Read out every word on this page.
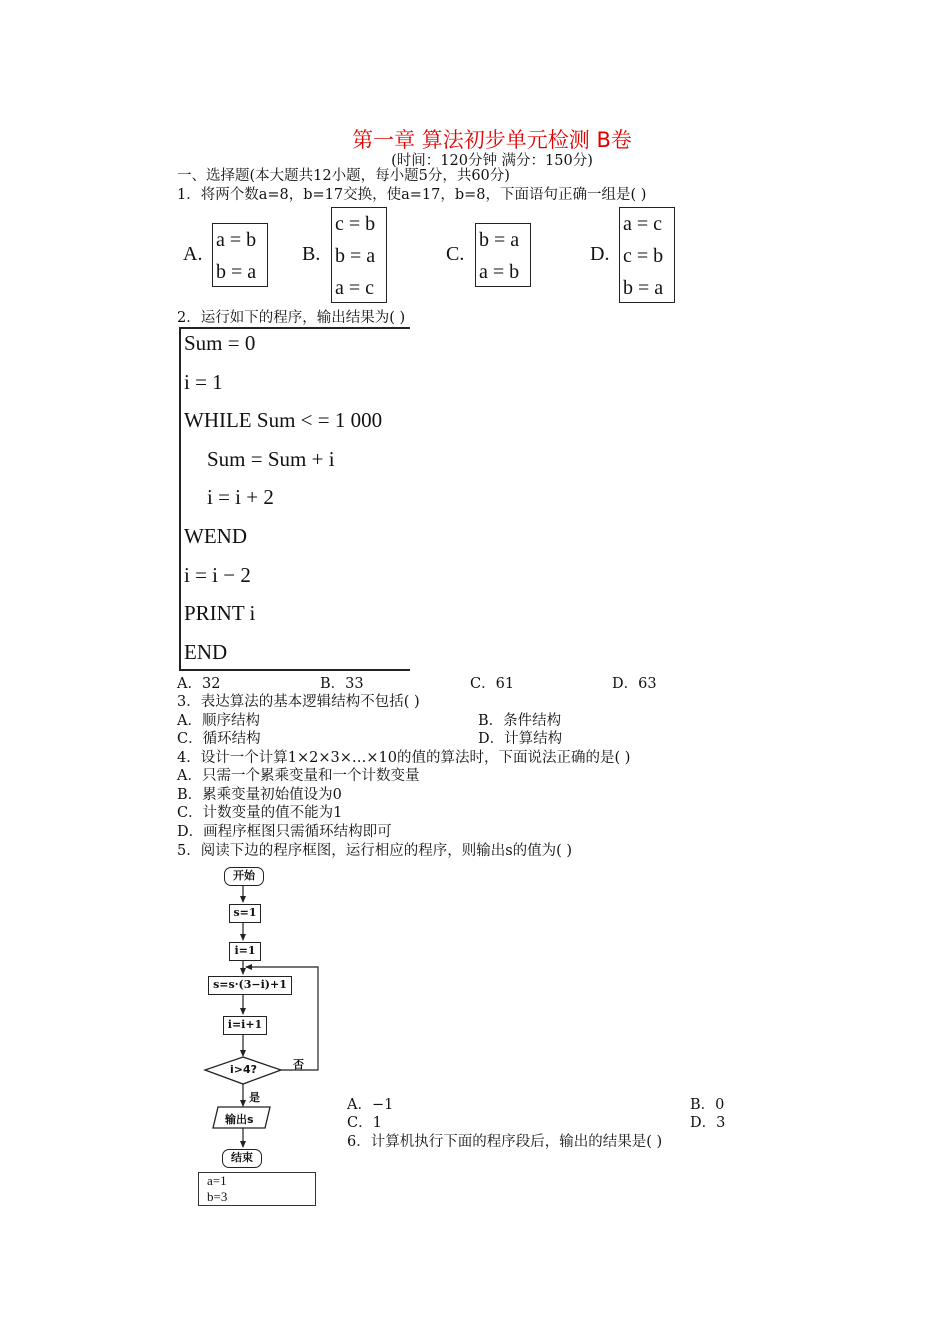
第一章 算法初步单元检测 B卷
(时间：120分钟 满分：150分)
一、选择题(本大题共12小题，每小题5分，共60分)
1．将两个数a=8，b=17交换，使a=17，b=8，下面语句正确一组是( )
A.
a = b
b = a
B.
c = b
b = a
a = c
C.
b = a
a = b
D.
a = c
c = b
b = a
2．运行如下的程序，输出结果为( )
Sum = 0
i = 1
WHILE Sum < = 1 000
Sum = Sum + i
i = i + 2
WEND
i = i − 2
PRINT i
END
A．32	B．33	C．61	D．63
3．表达算法的基本逻辑结构不包括( )
A．顺序结构	B．条件结构
C．循环结构	D．计算结构
4．设计一个计算1×2×3×…×10的值的算法时，下面说法正确的是( )
A．只需一个累乘变量和一个计数变量
B．累乘变量初始值设为0
C．计数变量的值不能为1
D．画程序框图只需循环结构即可
5．阅读下边的程序框图，运行相应的程序，则输出s的值为( )
开始
s=1
i=1
s=s·(3−i)+1
i=i+1
i>4?	否
是
输出s
结束
A．−1	B．0
C．1	D．3
6．计算机执行下面的程序段后，输出的结果是( )
a=1
b=3
